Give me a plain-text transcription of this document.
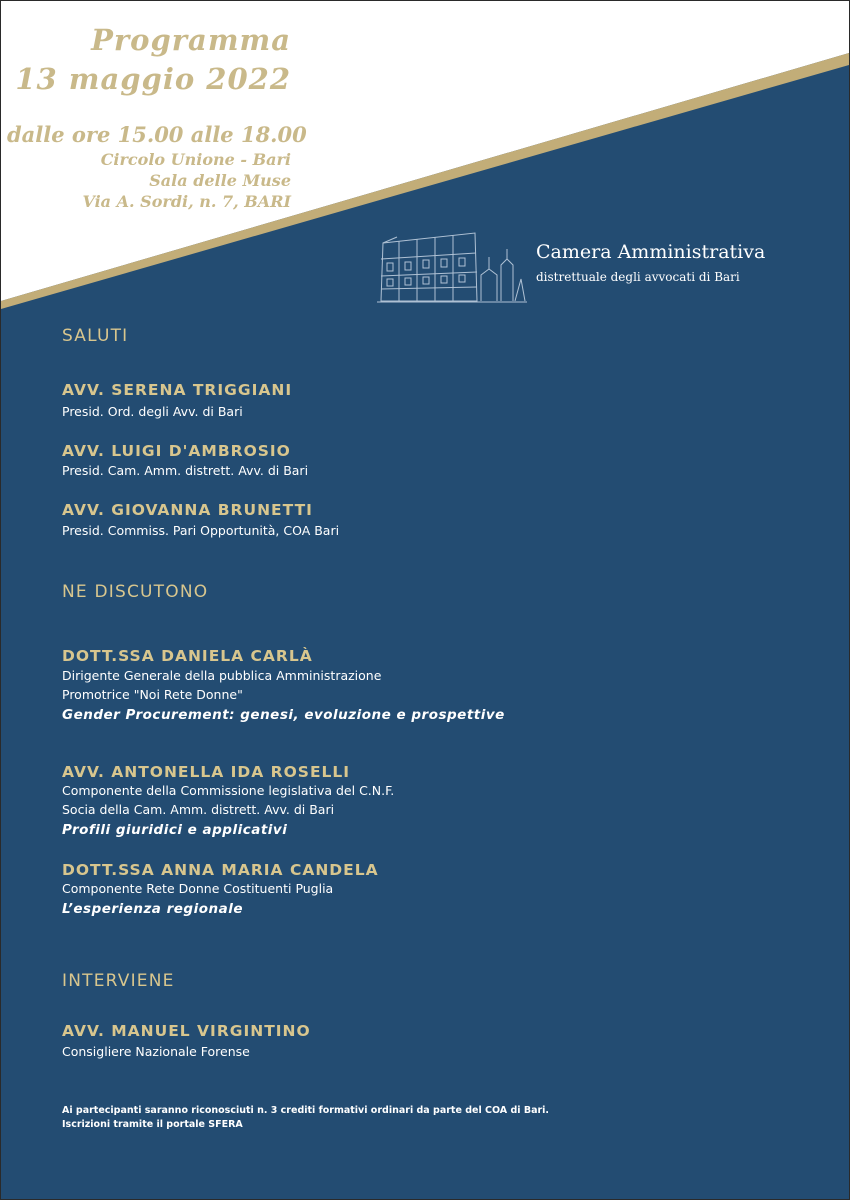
Programma

13 maggio 2022

dalle ore 15.00 alle 18.00

Circolo Unione - Bari

Sala delle Muse

Via A. Sordi, n. 7, BARI

Camera Amministrativa

distrettuale degli avvocati di Bari

SALUTI

AVV. SERENA TRIGGIANI

Presid. Ord. degli Avv. di Bari

AVV. LUIGI D'AMBROSIO

Presid. Cam. Amm. distrett. Avv. di Bari

AVV. GIOVANNA BRUNETTI

Presid. Commiss. Pari Opportunità, COA Bari

NE DISCUTONO

DOTT.SSA DANIELA CARLÀ

Dirigente Generale della pubblica Amministrazione

Promotrice "Noi Rete Donne"

Gender Procurement: genesi, evoluzione e prospettive

AVV. ANTONELLA IDA ROSELLI

Componente della Commissione legislativa del C.N.F.

Socia della Cam. Amm. distrett. Avv. di Bari

Profili giuridici e applicativi

DOTT.SSA ANNA MARIA CANDELA

Componente Rete Donne Costituenti Puglia

L’esperienza regionale

INTERVIENE

AVV. MANUEL VIRGINTINO

Consigliere Nazionale Forense

Ai partecipanti saranno riconosciuti n. 3 crediti formativi ordinari da parte del COA di Bari.

Iscrizioni tramite il portale SFERA
